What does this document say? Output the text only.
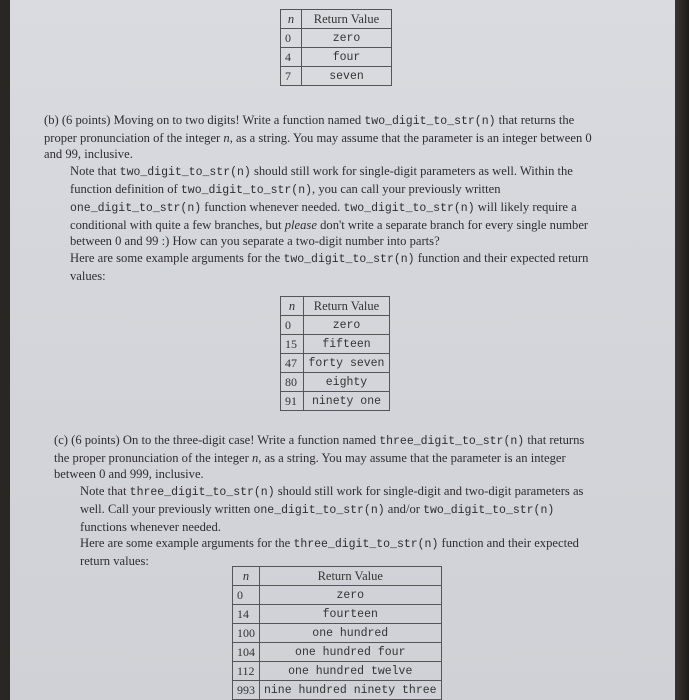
n	Return Value
0	zero
4	four
7	seven

(b) (6 points) Moving on to two digits! Write a function named two_digit_to_str(n) that returns the proper pronunciation of the integer n, as a string. You may assume that the parameter is an integer between 0 and 99, inclusive.

Note that two_digit_to_str(n) should still work for single-digit parameters as well. Within the function definition of two_digit_to_str(n), you can call your previously written one_digit_to_str(n) function whenever needed. two_digit_to_str(n) will likely require a conditional with quite a few branches, but please don't write a separate branch for every single number between 0 and 99 :) How can you separate a two-digit number into parts?

Here are some example arguments for the two_digit_to_str(n) function and their expected return values:

n	Return Value
0	zero
15	fifteen
47	forty seven
80	eighty
91	ninety one

(c) (6 points) On to the three-digit case! Write a function named three_digit_to_str(n) that returns the proper pronunciation of the integer n, as a string. You may assume that the parameter is an integer between 0 and 999, inclusive.

Note that three_digit_to_str(n) should still work for single-digit and two-digit parameters as well. Call your previously written one_digit_to_str(n) and/or two_digit_to_str(n) functions whenever needed.

Here are some example arguments for the three_digit_to_str(n) function and their expected return values:

n	Return Value
0	zero
14	fourteen
100	one hundred
104	one hundred four
112	one hundred twelve
993	nine hundred ninety three
